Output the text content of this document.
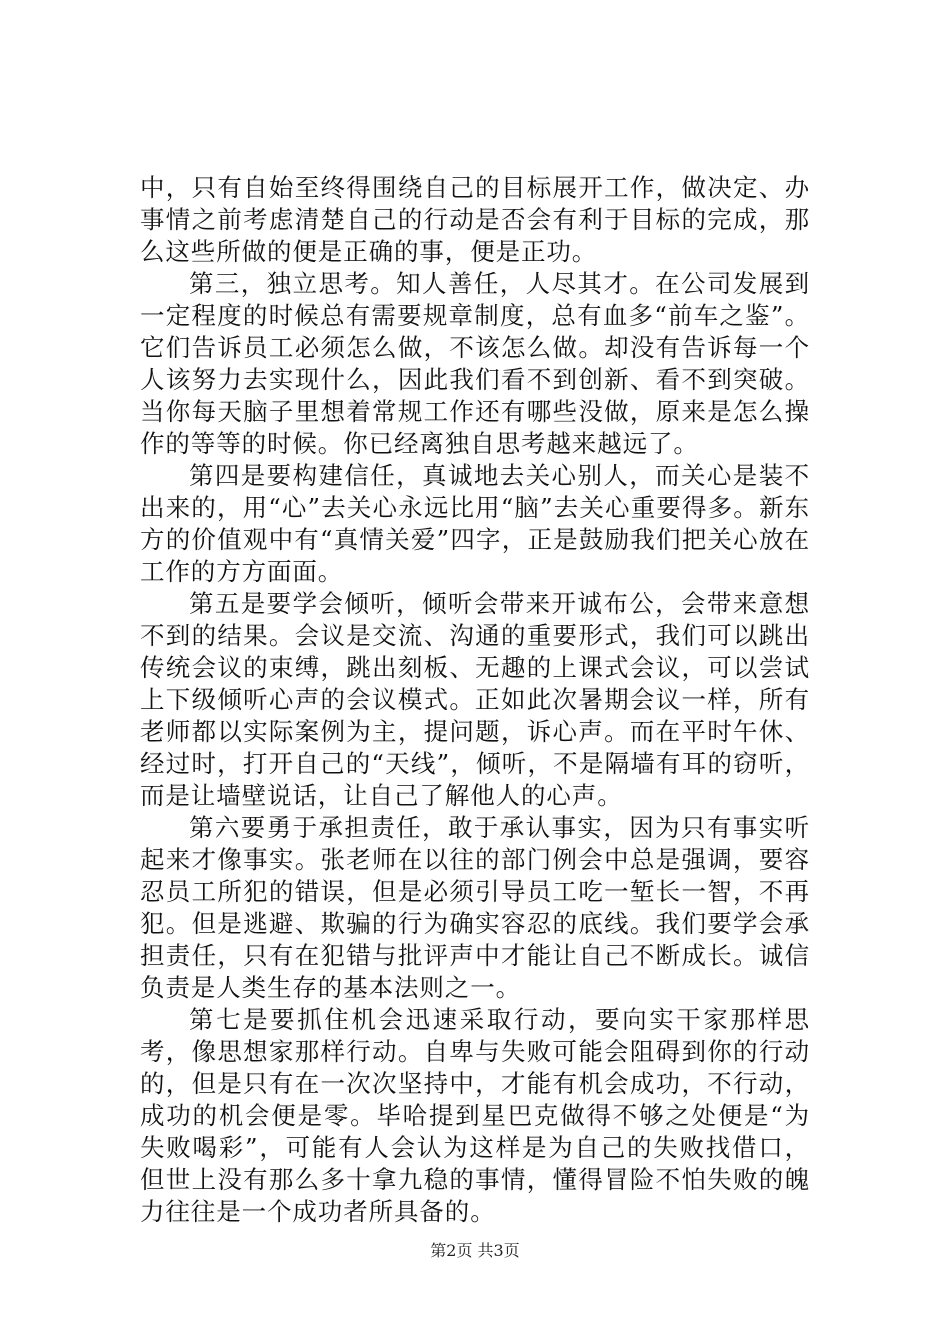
中，只有自始至终得围绕自己的目标展开工作，做决定、办事情之前考虑清楚自己的行动是否会有利于目标的完成，那么这些所做的便是正确的事，便是正功。

第三，独立思考。知人善任，人尽其才。在公司发展到一定程度的时候总有需要规章制度，总有血多“前车之鉴”。它们告诉员工必须怎么做，不该怎么做。却没有告诉每一个人该努力去实现什么，因此我们看不到创新、看不到突破。当你每天脑子里想着常规工作还有哪些没做，原来是怎么操作的等等的时候。你已经离独自思考越来越远了。

第四是要构建信任，真诚地去关心别人，而关心是装不出来的，用“心”去关心永远比用“脑”去关心重要得多。新东方的价值观中有“真情关爱”四字，正是鼓励我们把关心放在工作的方方面面。

第五是要学会倾听，倾听会带来开诚布公，会带来意想不到的结果。会议是交流、沟通的重要形式，我们可以跳出传统会议的束缚，跳出刻板、无趣的上课式会议，可以尝试上下级倾听心声的会议模式。正如此次暑期会议一样，所有老师都以实际案例为主，提问题，诉心声。而在平时午休、经过时，打开自己的“天线”，倾听，不是隔墙有耳的窃听，而是让墙壁说话，让自己了解他人的心声。

第六要勇于承担责任，敢于承认事实，因为只有事实听起来才像事实。张老师在以往的部门例会中总是强调，要容忍员工所犯的错误，但是必须引导员工吃一堑长一智，不再犯。但是逃避、欺骗的行为确实容忍的底线。我们要学会承担责任，只有在犯错与批评声中才能让自己不断成长。诚信负责是人类生存的基本法则之一。

第七是要抓住机会迅速采取行动，要向实干家那样思考，像思想家那样行动。自卑与失败可能会阻碍到你的行动的，但是只有在一次次坚持中，才能有机会成功，不行动，成功的机会便是零。毕哈提到星巴克做得不够之处便是“为失败喝彩”，可能有人会认为这样是为自己的失败找借口，但世上没有那么多十拿九稳的事情，懂得冒险不怕失败的魄力往往是一个成功者所具备的。

第2页 共3页
